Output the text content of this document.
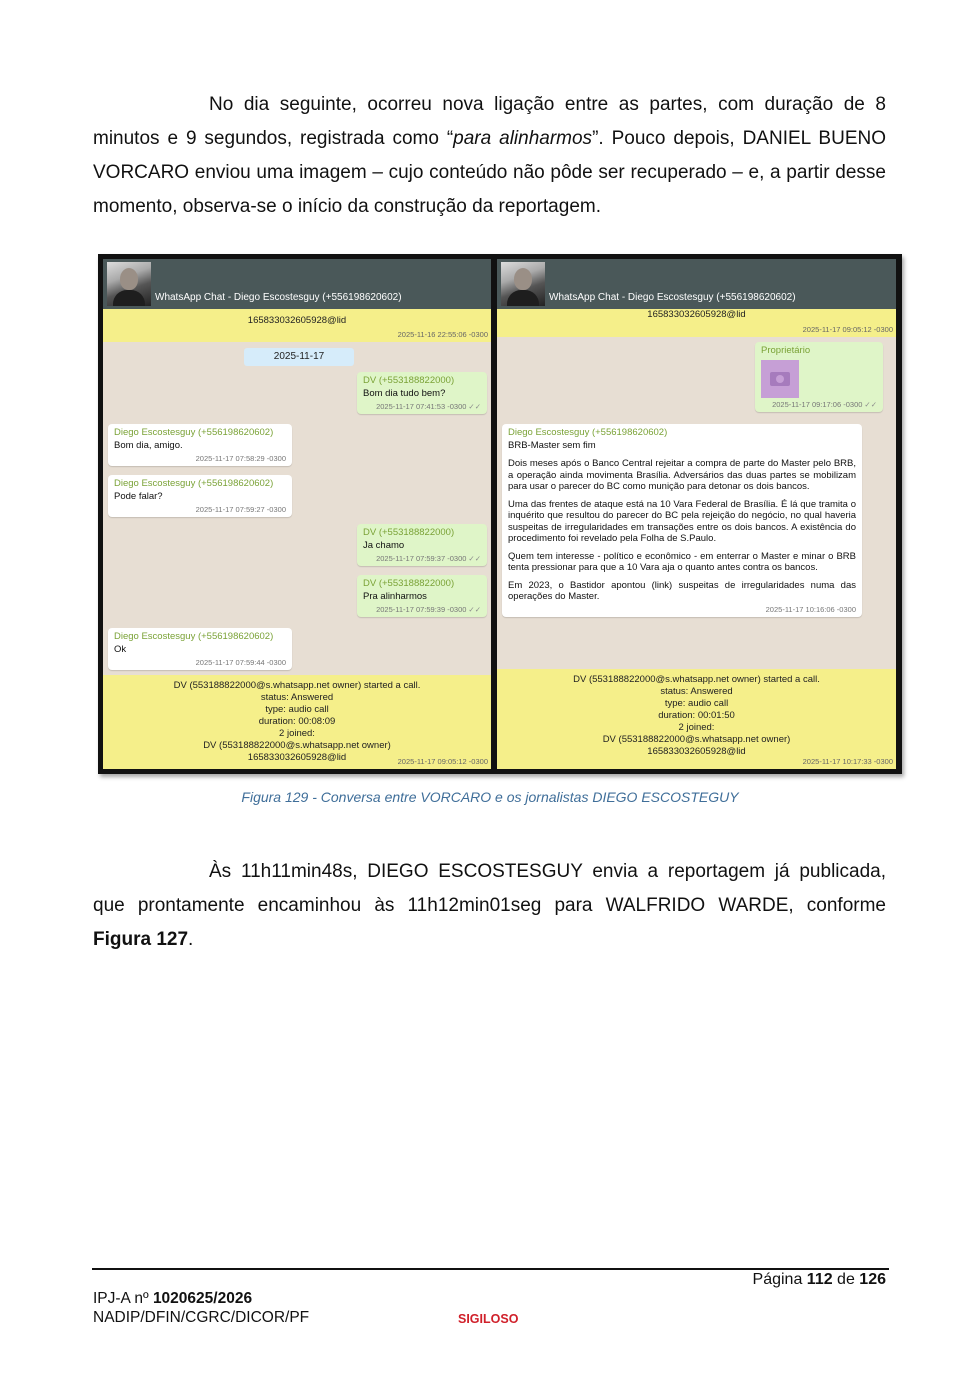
No dia seguinte, ocorreu nova ligação entre as partes, com duração de 8 minutos e 9 segundos, registrada como “para alinharmos”. Pouco depois, DANIEL BUENO VORCARO enviou uma imagem – cujo conteúdo não pôde ser recuperado – e, a partir desse momento, observa-se o início da construção da reportagem.

WhatsApp Chat - Diego Escostesguy (+556198620602)
165833032605928@lid
2025-11-16 22:55:06 -0300
2025-11-17
DV (+553188822000)
Bom dia tudo bem?
2025-11-17 07:41:53 -0300 ✓✓
Diego Escostesguy (+556198620602)
Bom dia, amigo.
2025-11-17 07:58:29 -0300
Diego Escostesguy (+556198620602)
Pode falar?
2025-11-17 07:59:27 -0300
DV (+553188822000)
Ja chamo
2025-11-17 07:59:37 -0300 ✓✓
DV (+553188822000)
Pra alinharmos
2025-11-17 07:59:39 -0300 ✓✓
Diego Escostesguy (+556198620602)
Ok
2025-11-17 07:59:44 -0300
DV (553188822000@s.whatsapp.net owner) started a call.
status: Answered
type: audio call
duration: 00:08:09
2 joined:
DV (553188822000@s.whatsapp.net owner)
165833032605928@lid	2025-11-17 09:05:12 -0300
WhatsApp Chat - Diego Escostesguy (+556198620602)
165833032605928@lid
2025-11-17 09:05:12 -0300
Proprietário
2025-11-17 09:17:06 -0300 ✓✓
Diego Escostesguy (+556198620602)
BRB-Master sem fim

Dois meses após o Banco Central rejeitar a compra de parte do Master pelo BRB, a operação ainda movimenta Brasília. Adversários das duas partes se mobilizam para usar o parecer do BC como munição para detonar os dois bancos.

Uma das frentes de ataque está na 10 Vara Federal de Brasília. É lá que tramita o inquérito que resultou do parecer do BC pela rejeição do negócio, no qual haveria suspeitas de irregularidades em transações entre os dois bancos. A existência do procedimento foi revelado pela Folha de S.Paulo.

Quem tem interesse - político e econômico - em enterrar o Master e minar o BRB tenta pressionar para que a 10 Vara aja o quanto antes contra os bancos.

Em 2023, o Bastidor apontou (link) suspeitas de irregularidades numa das operações do Master.

2025-11-17 10:16:06 -0300
DV (553188822000@s.whatsapp.net owner) started a call.
status: Answered
type: audio call
duration: 00:01:50
2 joined:
DV (553188822000@s.whatsapp.net owner)
165833032605928@lid
2025-11-17 10:17:33 -0300
Figura 129 - Conversa entre VORCARO e os jornalistas DIEGO ESCOSTEGUY

Às 11h11min48s, DIEGO ESCOSTESGUY envia a reportagem já publicada, que prontamente encaminhou às 11h12min01seg para WALFRIDO WARDE, conforme Figura 127.

Página 112 de 126
IPJ-A nº 1020625/2026
NADIP/DFIN/CGRC/DICOR/PF	SIGILOSO
